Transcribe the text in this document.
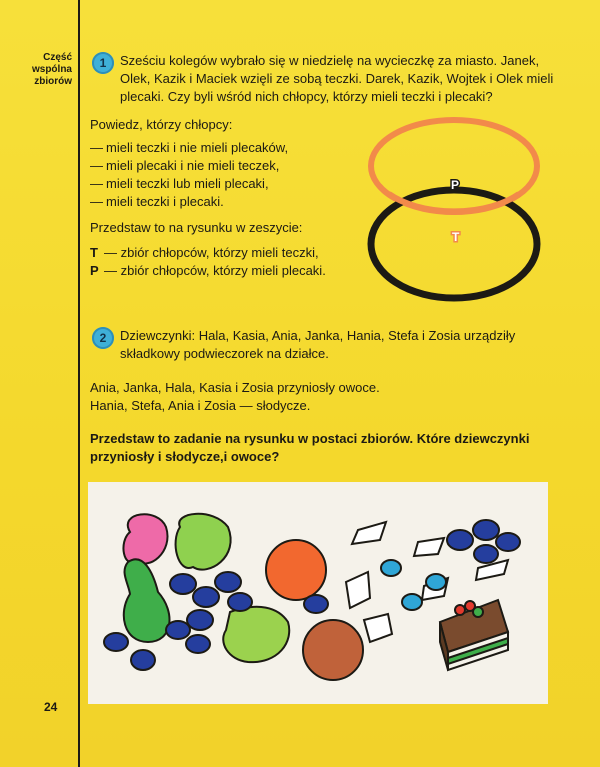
Część wspólna zbiorów
1	Sześciu kolegów wybrało się w niedzielę na wycieczkę za miasto. Janek, Olek, Kazik i Maciek wzięli ze sobą teczki. Darek, Kazik, Wojtek i Olek mieli plecaki. Czy byli wśród nich chłopcy, którzy mieli teczki i plecaki?
Powiedz, którzy chłopcy:
— mieli teczki i nie mieli plecaków,
— mieli plecaki i nie mieli teczek,
— mieli teczki lub mieli plecaki,
— mieli teczki i plecaki.
Przedstaw to na rysunku w zeszycie:
T — zbiór chłopców, którzy mieli teczki,
P — zbiór chłopców, którzy mieli plecaki.
P
T
2	Dziewczynki: Hala, Kasia, Ania, Janka, Hania, Stefa i Zosia urządziły składkowy podwieczorek na działce.
Ania, Janka, Hala, Kasia i Zosia przyniosły owoce.
Hania, Stefa, Ania i Zosia — słodycze.
Przedstaw to zadanie na rysunku w postaci zbiorów. Które dziewczynki przyniosły i słodycze,i owoce?
24
